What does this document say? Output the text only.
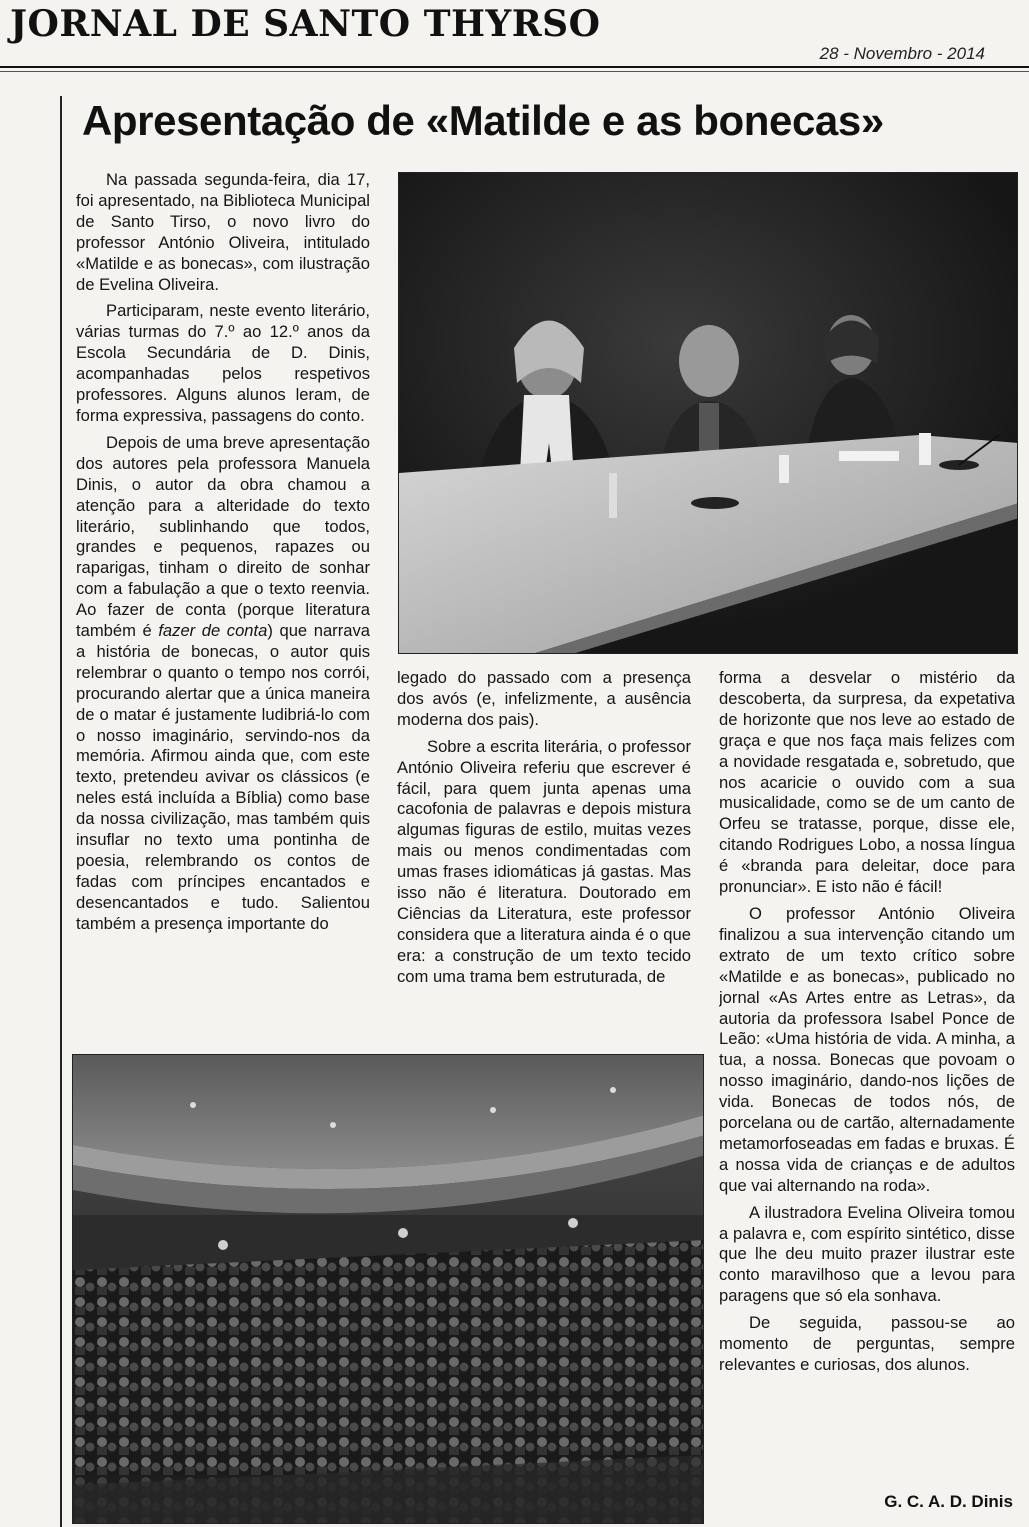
JORNAL DE SANTO THYRSO
28 - Novembro - 2014
Apresentação de «Matilde e as bonecas»

Na passada segunda-feira, dia 17, foi apresentado, na Biblioteca Municipal de Santo Tirso, o novo livro do professor António Oliveira, intitulado «Matilde e as bonecas», com ilustração de Evelina Oliveira.

Participaram, neste evento literário, várias turmas do 7.º ao 12.º anos da Escola Secundária de D. Dinis, acompanhadas pelos respetivos professores. Alguns alunos leram, de forma expressiva, passagens do conto.

Depois de uma breve apresentação dos autores pela professora Manuela Dinis, o autor da obra chamou a atenção para a alteridade do texto literário, sublinhando que todos, grandes e pequenos, rapazes ou raparigas, tinham o direito de sonhar com a fabulação a que o texto reenvia. Ao fazer de conta (porque literatura também é fazer de conta) que narrava a história de bonecas, o autor quis relembrar o quanto o tempo nos corrói, procurando alertar que a única maneira de o matar é justamente ludibriá-lo com o nosso imaginário, servindo-nos da memória. Afirmou ainda que, com este texto, pretendeu avivar os clássicos (e neles está incluída a Bíblia) como base da nossa civilização, mas também quis insuflar no texto uma pontinha de poesia, relembrando os contos de fadas com príncipes encantados e desencantados e tudo. Salientou também a presença importante do

legado do passado com a presença dos avós (e, infelizmente, a ausência moderna dos pais).

Sobre a escrita literária, o professor António Oliveira referiu que escrever é fácil, para quem junta apenas uma cacofonia de palavras e depois mistura algumas figuras de estilo, muitas vezes mais ou menos condimentadas com umas frases idiomáticas já gastas. Mas isso não é literatura. Doutorado em Ciências da Literatura, este professor considera que a literatura ainda é o que era: a construção de um texto tecido com uma trama bem estruturada, de

forma a desvelar o mistério da descoberta, da surpresa, da expetativa de horizonte que nos leve ao estado de graça e que nos faça mais felizes com a novidade resgatada e, sobretudo, que nos acaricie o ouvido com a sua musicalidade, como se de um canto de Orfeu se tratasse, porque, disse ele, citando Rodrigues Lobo, a nossa língua é «branda para deleitar, doce para pronunciar». E isto não é fácil!

O professor António Oliveira finalizou a sua intervenção citando um extrato de um texto crítico sobre «Matilde e as bonecas», publicado no jornal «As Artes entre as Letras», da autoria da professora Isabel Ponce de Leão: «Uma história de vida. A minha, a tua, a nossa. Bonecas que povoam o nosso imaginário, dando-nos lições de vida. Bonecas de todos nós, de porcelana ou de cartão, alternadamente metamorfoseadas em fadas e bruxas. É a nossa vida de crianças e de adultos que vai alternando na roda».

A ilustradora Evelina Oliveira tomou a palavra e, com espírito sintético, disse que lhe deu muito prazer ilustrar este conto maravilhoso que a levou para paragens que só ela sonhava.

De seguida, passou-se ao momento de perguntas, sempre relevantes e curiosas, dos alunos.

G. C. A. D. Dinis
